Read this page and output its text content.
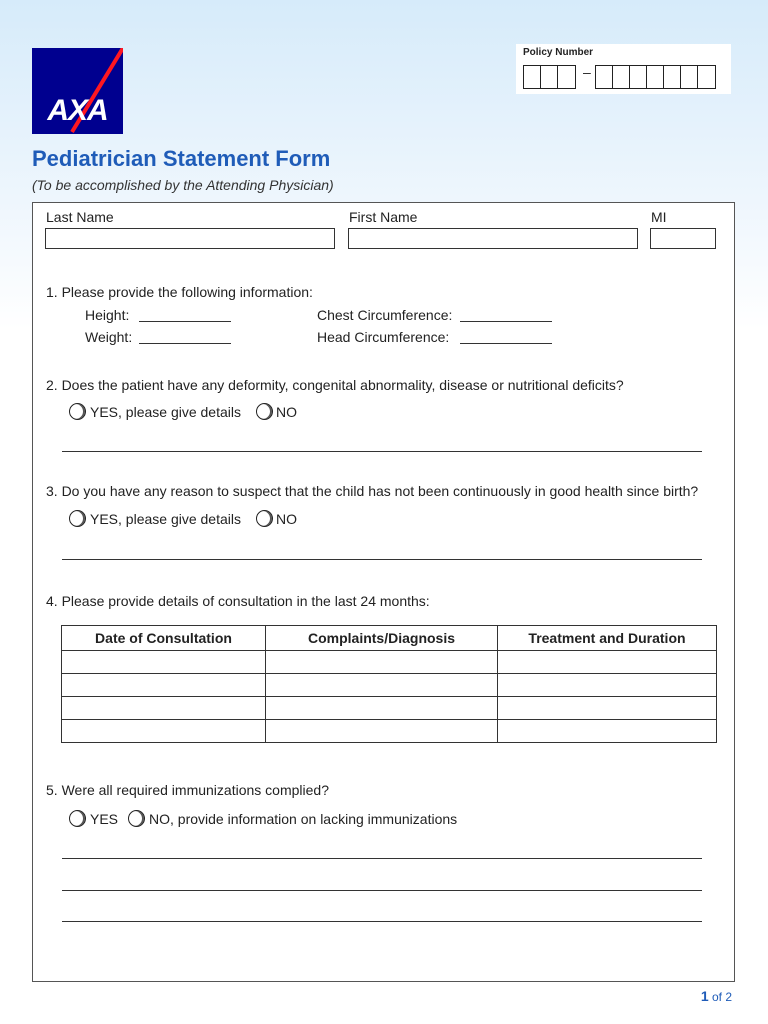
AXA
Policy Number
–
Pediatrician Statement Form
(To be accomplished by the Attending Physician)
Last Name	First Name	MI
1. Please provide the following information:
Height:
Weight:
Chest Circumference:
Head Circumference:
2. Does the patient have any deformity, congenital abnormality, disease or nutritional deficits?
YES, please give details	NO
3. Do you have any reason to suspect that the child has not been continuously in good health since birth?
YES, please give details	NO
4. Please provide details of consultation in the last 24 months:
Date of Consultation	Complaints/Diagnosis	Treatment and Duration

5. Were all required immunizations complied?
YES NO, provide information on lacking immunizations
1 of 2
